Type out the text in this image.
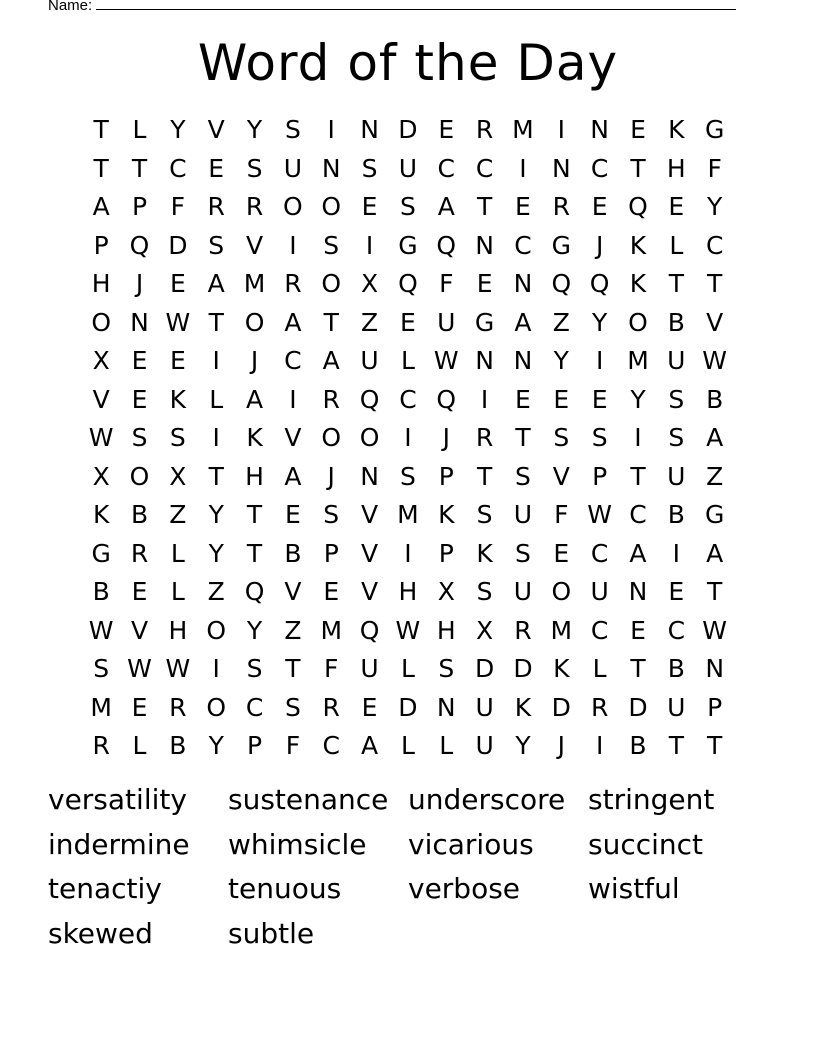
Name:
Word of the Day
T L Y V Y S	I	N D E R M I	N E K G
T T C E S U N S U C C	I	N C T H F
A P F R R O O E S A T E R E Q E Y
P Q D S V	I	S	I G Q N C G J	K L C
H	J	E A M R O X Q F E N Q Q K T T
O N W T O A T Z E U G A Z Y O B V
X E E	I	J	C A U L W N N Y	I M U W
V E K L A	I	R Q C Q I	E E E Y S B
W S S	I	K V O O I	J	R T S S	I	S A
X O X T H A	J	N S P T S V P T U Z
K B Z Y T E S V M K S U F W C B G
G R L Y T B P V	I	P K S E C A	I	A
B E L Z Q V E V H X S U O U N E T
W V H O Y Z M Q W H X R M C E C W
S W W I	S T F U L S D D K L T B N
M E R O C S R E D N U K D R D U P
R L B Y P F C A L L U Y	J	I	B T T
versatility	sustenance underscore stringent
indermine	whimsicle	vicarious	succinct
tenactiy	tenuous	verbose	wistful
skewed	subtle
